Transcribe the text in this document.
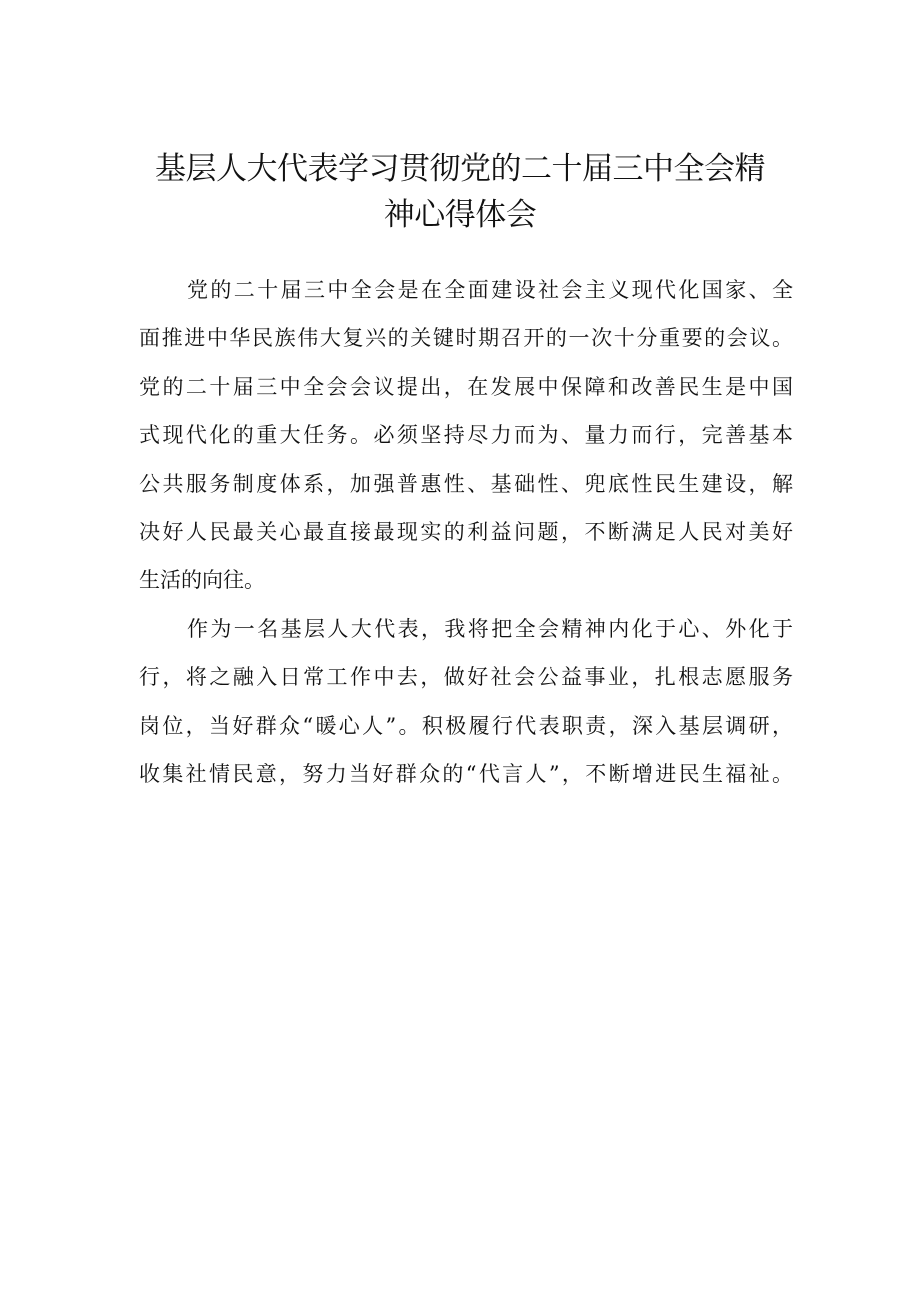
基层人大代表学习贯彻党的二十届三中全会精
神心得体会
党的二十届三中全会是在全面建设社会主义现代化国家、全
面推进中华民族伟大复兴的关键时期召开的一次十分重要的会议。
党的二十届三中全会会议提出，在发展中保障和改善民生是中国
式现代化的重大任务。必须坚持尽力而为、量力而行，完善基本
公共服务制度体系，加强普惠性、基础性、兜底性民生建设，解
决好人民最关心最直接最现实的利益问题，不断满足人民对美好
生活的向往。
作为一名基层人大代表，我将把全会精神内化于心、外化于
行，将之融入日常工作中去，做好社会公益事业，扎根志愿服务
岗位，当好群众“暖心人”。积极履行代表职责，深入基层调研，
收集社情民意，努力当好群众的“代言人”，不断增进民生福祉。
